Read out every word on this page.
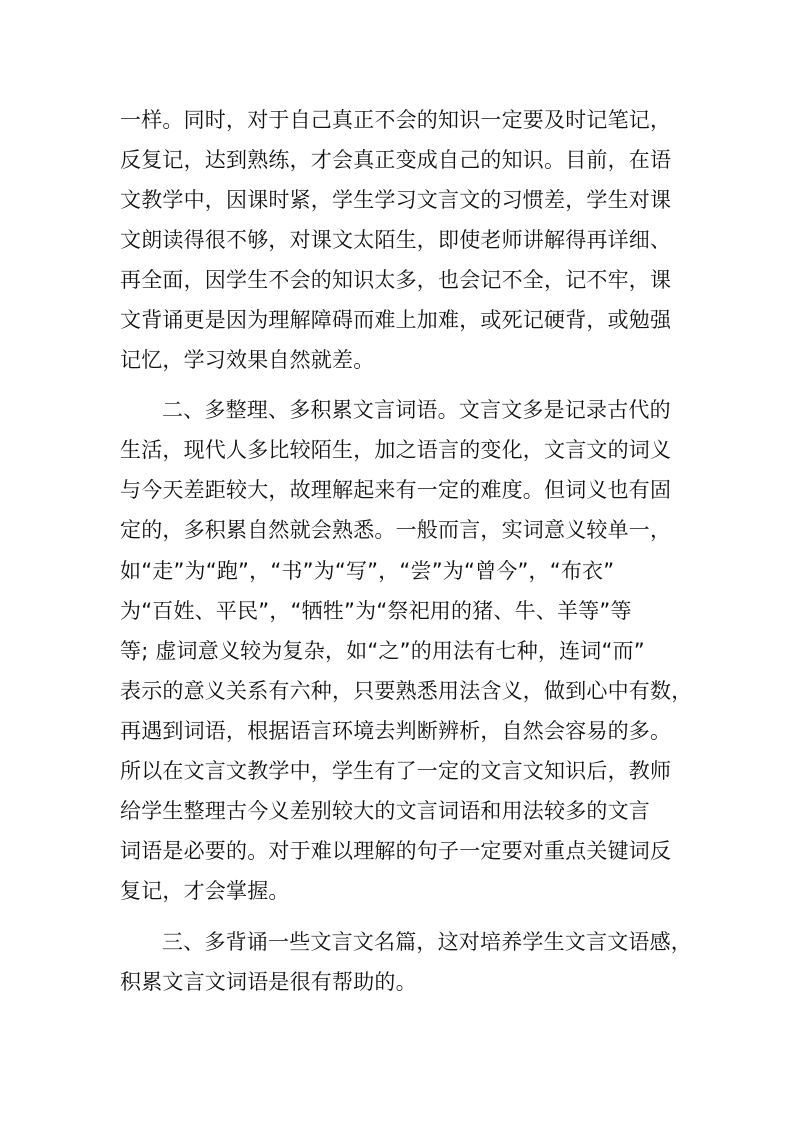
一样。同时，对于自己真正不会的知识一定要及时记笔记，
反复记，达到熟练，才会真正变成自己的知识。目前，在语
文教学中，因课时紧，学生学习文言文的习惯差，学生对课
文朗读得很不够，对课文太陌生，即使老师讲解得再详细、
再全面，因学生不会的知识太多，也会记不全，记不牢，课
文背诵更是因为理解障碍而难上加难，或死记硬背，或勉强
记忆，学习效果自然就差。
二、多整理、多积累文言词语。文言文多是记录古代的
生活，现代人多比较陌生，加之语言的变化，文言文的词义
与今天差距较大，故理解起来有一定的难度。但词义也有固
定的，多积累自然就会熟悉。一般而言，实词意义较单一，
如“走”为“跑”，“书”为“写”，“尝”为“曾今”，“布衣”
为“百姓、平民”，“牺牲”为“祭祀用的猪、牛、羊等”等
等; 虚词意义较为复杂，如“之”的用法有七种，连词“而”
表示的意义关系有六种，只要熟悉用法含义，做到心中有数，
再遇到词语，根据语言环境去判断辨析，自然会容易的多。
所以在文言文教学中，学生有了一定的文言文知识后，教师
给学生整理古今义差别较大的文言词语和用法较多的文言
词语是必要的。对于难以理解的句子一定要对重点关键词反
复记，才会掌握。
三、多背诵一些文言文名篇，这对培养学生文言文语感，
积累文言文词语是很有帮助的。
